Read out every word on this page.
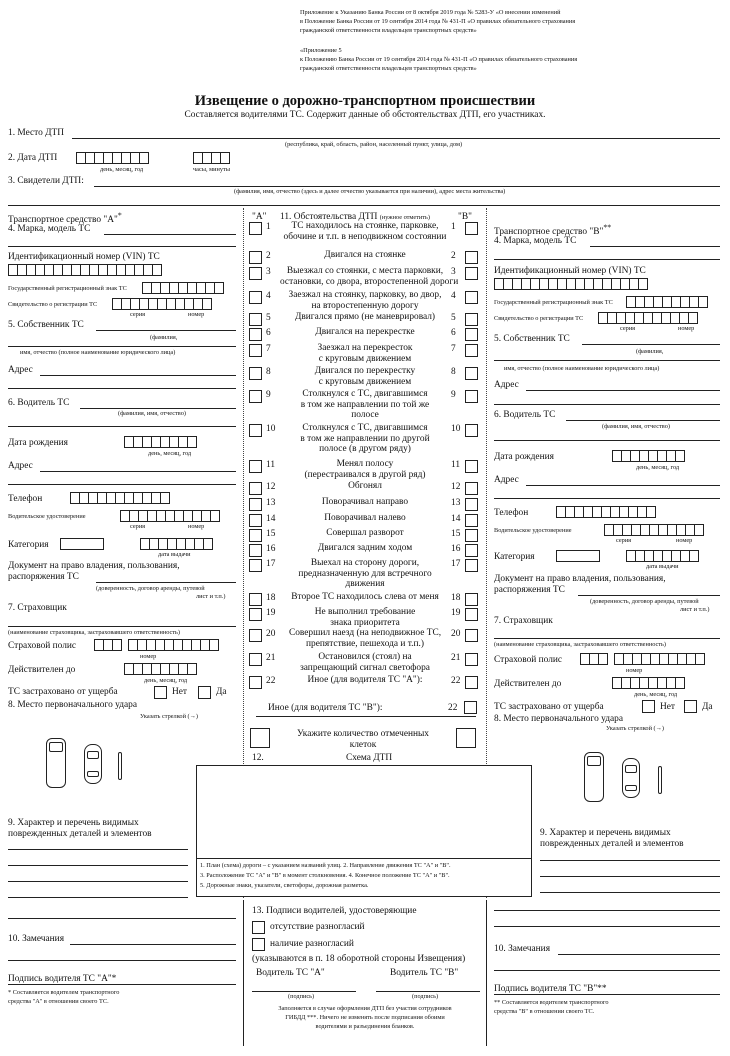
Приложение к Указанию Банка России от 8 октября 2019 года № 5283-У «О внесении изменений
в Положение Банка России от 19 сентября 2014 года № 431-П «О правилах обязательного страхования
гражданской ответственности владельцев транспортных средств»
«Приложение 5
к Положению Банка России от 19 сентября 2014 года № 431-П «О правилах обязательного страхования
гражданской ответственности владельцев транспортных средств»
Извещение о дорожно-транспортном происшествии
Составляется водителями ТС. Содержит данные об обстоятельствах ДТП, его участниках.
1. Место ДТП
(республика, край, область, район, населенный пункт, улица, дом)
2. Дата ДТП
день, месяц, год	часы, минуты
3. Свидетели ДТП:
(фамилия, имя, отчество (здесь и далее отчество указывается при наличии), адрес места жительства)
Транспортное средство "А"*
4. Марка, модель ТС
Идентификационный номер (VIN) ТС
Государственный регистрационный знак ТС
Свидетельство о регистрации ТС
серия	номер
5. Собственник ТС
(фамилия,
имя, отчество (полное наименование юридического лица)
Адрес
6. Водитель ТС
(фамилия, имя, отчество)
Дата рождения
день, месяц, год
Адрес
Телефон
Водительское удостоверение
серия	номер
Категория
дата выдачи
Документ на право владения, пользования,
распоряжения ТС
(доверенность, договор аренды, путевой
лист и т.п.)
7. Страховщик
(наименование страховщика, застраховавшего ответственность)
Страховой полис
номер
Действителен до
день, месяц, год
ТС застраховано от ущерба	Нет	Да
8. Место первоначального удара
Указать стрелкой (→)
9. Характер и перечень видимых
поврежденных деталей и элементов
10. Замечания
Подпись водителя ТС "А"*
* Составляется водителем транспортного
средства "А" в отношении своего ТС.
"А"	"В"
11. Обстоятельства ДТП (нужное отметить)
1	ТС находилось на стоянке, парковке,
обочине и т.п. в неподвижном состоянии
1
2	Двигался на стоянке	2
3	Выезжал со стоянки, с места парковки,
остановки, со двора, второстепенной дороги
3
4	Заезжал на стоянку, парковку, во двор,
на второстепенную дорогу
4
5	Двигался прямо (не маневрировал)	5
6	Двигался на перекрестке	6
7	Заезжал на перекресток
с круговым движением
7
8	Двигался по перекрестку
с круговым движением
8
9	Столкнулся с ТС, двигавшимся
в том же направлении по той же
полосе
9
10	Столкнулся с ТС, двигавшимся
в том же направлении по другой
полосе (в другом ряду)
10
11	Менял полосу
(перестраивался в другой ряд)
11
12	Обгонял	12
13	Поворачивал направо	13
14	Поворачивал налево	14
15	Совершал разворот	15
16	Двигался задним ходом	16
17	Выехал на сторону дороги,
предназначенную для встречного
движения
17
18	Второе ТС находилось слева от меня	18
19	Не выполнил требование
знака приоритета
19
20	Совершил наезд (на неподвижное ТС,
препятствие, пешехода и т.п.)
20
21	Остановился (стоял) на
запрещающий сигнал светофора
21
22	Иное (для водителя ТС "А"):	22
Иное (для водителя ТС "В"):	22
Укажите количество отмеченных
клеток
12.	Схема ДТП
1. План (схема) дороги – с указанием названий улиц. 2. Направление движения ТС "А" и "В".
3. Расположение ТС "А" и "В" в момент столкновения. 4. Конечное положение ТС "А" и "В".
5. Дорожные знаки, указатели, светофоры, дорожная разметка.
13. Подписи водителей, удостоверяющие
отсутствие разногласий
наличие разногласий
(указываются в п. 18 оборотной стороны Извещения)
Водитель ТС "А"	Водитель ТС "В"
(подпись)	(подпись)
Заполняется в случае оформления ДТП без участия сотрудников
ГИБДД ***. Ничего не изменять после подписания обоими
водителями и разъединения бланков.
Транспортное средство "В"**
4. Марка, модель ТС
Идентификационный номер (VIN) ТС
Государственный регистрационный знак ТС
Свидетельство о регистрации ТС
серия	номер
5. Собственник ТС
(фамилия,
имя, отчество (полное наименование юридического лица)
Адрес
6. Водитель ТС
(фамилия, имя, отчество)
Дата рождения
день, месяц, год
Адрес
Телефон
Водительское удостоверение
серия	номер
Категория
дата выдачи
Документ на право владения, пользования,
распоряжения ТС
(доверенность, договор аренды, путевой
лист и т.п.)
7. Страховщик
(наименование страховщика, застраховавшего ответственность)
Страховой полис
номер
Действителен до
день, месяц, год
ТС застраховано от ущерба	Нет	Да
8. Место первоначального удара
Указать стрелкой (→)
9. Характер и перечень видимых
поврежденных деталей и элементов
10. Замечания
Подпись водителя ТС "В"**
** Составляется водителем транспортного
средства "В" в отношении своего ТС.
